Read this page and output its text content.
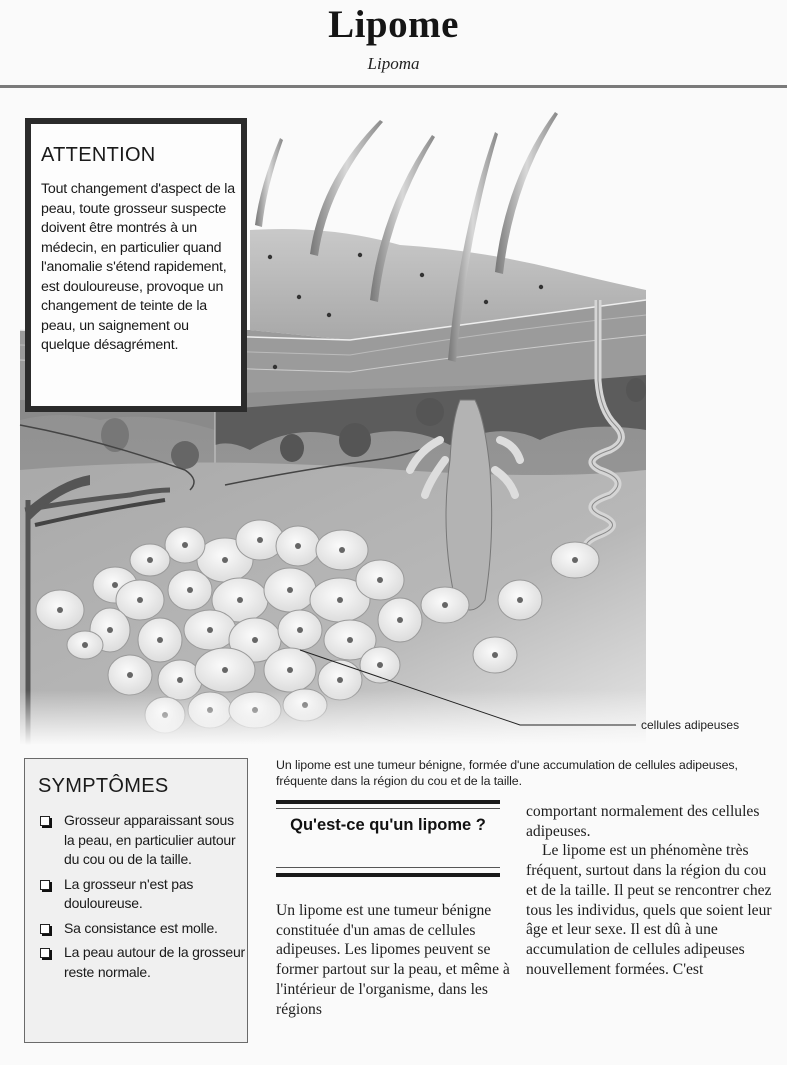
Lipome
Lipoma
cellules adipeuses
ATTENTION

Tout changement d'aspect de la peau, toute grosseur suspecte doivent être montrés à un médecin, en particulier quand l'anomalie s'étend rapidement, est douloureuse, provoque un changement de teinte de la peau, un saignement ou quelque désagrément.

SYMPTÔMES
Grosseur apparaissant sous la peau, en particulier autour du cou ou de la taille.
La grosseur n'est pas douloureuse.
Sa consistance est molle.
La peau autour de la grosseur reste normale.
Un lipome est une tumeur bénigne, formée d'une accumulation de cellules adipeuses, fréquente dans la région du cou et de la taille.
Qu'est-ce qu'un lipome ?

Un lipome est une tumeur bénigne constituée d'un amas de cellules adipeuses. Les lipomes peuvent se former partout sur la peau, et même à l'intérieur de l'organisme, dans les régions

comportant normalement des cellules adipeuses.

Le lipome est un phénomène très fréquent, surtout dans la région du cou et de la taille. Il peut se rencontrer chez tous les individus, quels que soient leur âge et leur sexe. Il est dû à une accumulation de cellules adipeuses nouvellement formées. C'est
